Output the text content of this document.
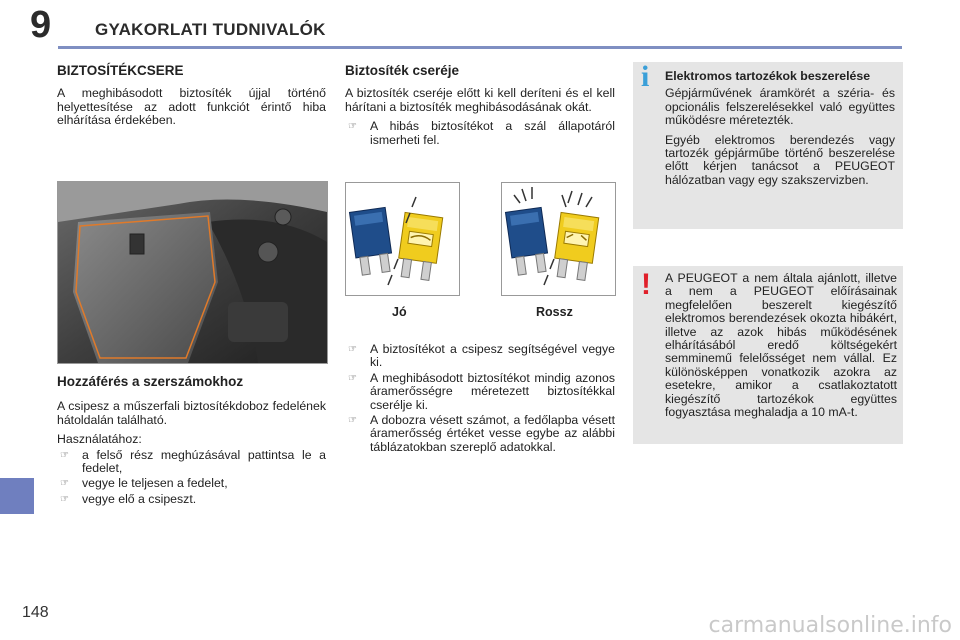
9	GYAKORLATI TUDNIVALÓK
148
BIZTOSÍTÉKCSERE
A meghibásodott biztosíték újjal történő helyettesítése az adott funkciót érintő hiba elhárítása érdekében.
Hozzáférés a szerszámokhoz
A csipesz a műszerfali biztosítékdoboz fedelének hátoldalán található.
Használatához:
☞	a felső rész meghúzásával pattintsa le a fedelet,
☞	vegye le teljesen a fedelet,
☞	vegye elő a csipeszt.
Biztosíték cseréje
A biztosíték cseréje előtt ki kell deríteni és el kell hárítani a biztosíték meghibásodásának okát.
☞	A hibás biztosítékot a szál állapotáról ismerheti fel.
Jó	Rossz
☞	A biztosítékot a csipesz segítségével vegye ki.
☞	A meghibásodott biztosítékot mindig azonos áramerősségre méretezett biztosítékkal cserélje ki.
☞	A dobozra vésett számot, a fedőlapba vésett áramerősség értéket vesse egybe az alábbi táblázatokban szereplő adatokkal.
i Elektromos tartozékok beszerelése

Gépjárművének áramkörét a széria- és opcionális felszerelésekkel való együttes működésre méretezték.

Egyéb elektromos berendezés vagy tartozék gépjárműbe történő beszerelése előtt kérjen tanácsot a PEUGEOT hálózatban vagy egy szakszervizben.

! A PEUGEOT a nem általa ajánlott, illetve a nem a PEUGEOT előírásainak megfelelően beszerelt kiegészítő elektromos berendezések okozta hibákért, illetve az azok hibás működésének elhárításából eredő költségekért semminemű felelősséget nem vállal. Ez különösképpen vonatkozik azokra az esetekre, amikor a csatlakoztatott kiegészítő tartozékok együttes fogyasztása meghaladja a 10 mA-t.
carmanualsonline.info
